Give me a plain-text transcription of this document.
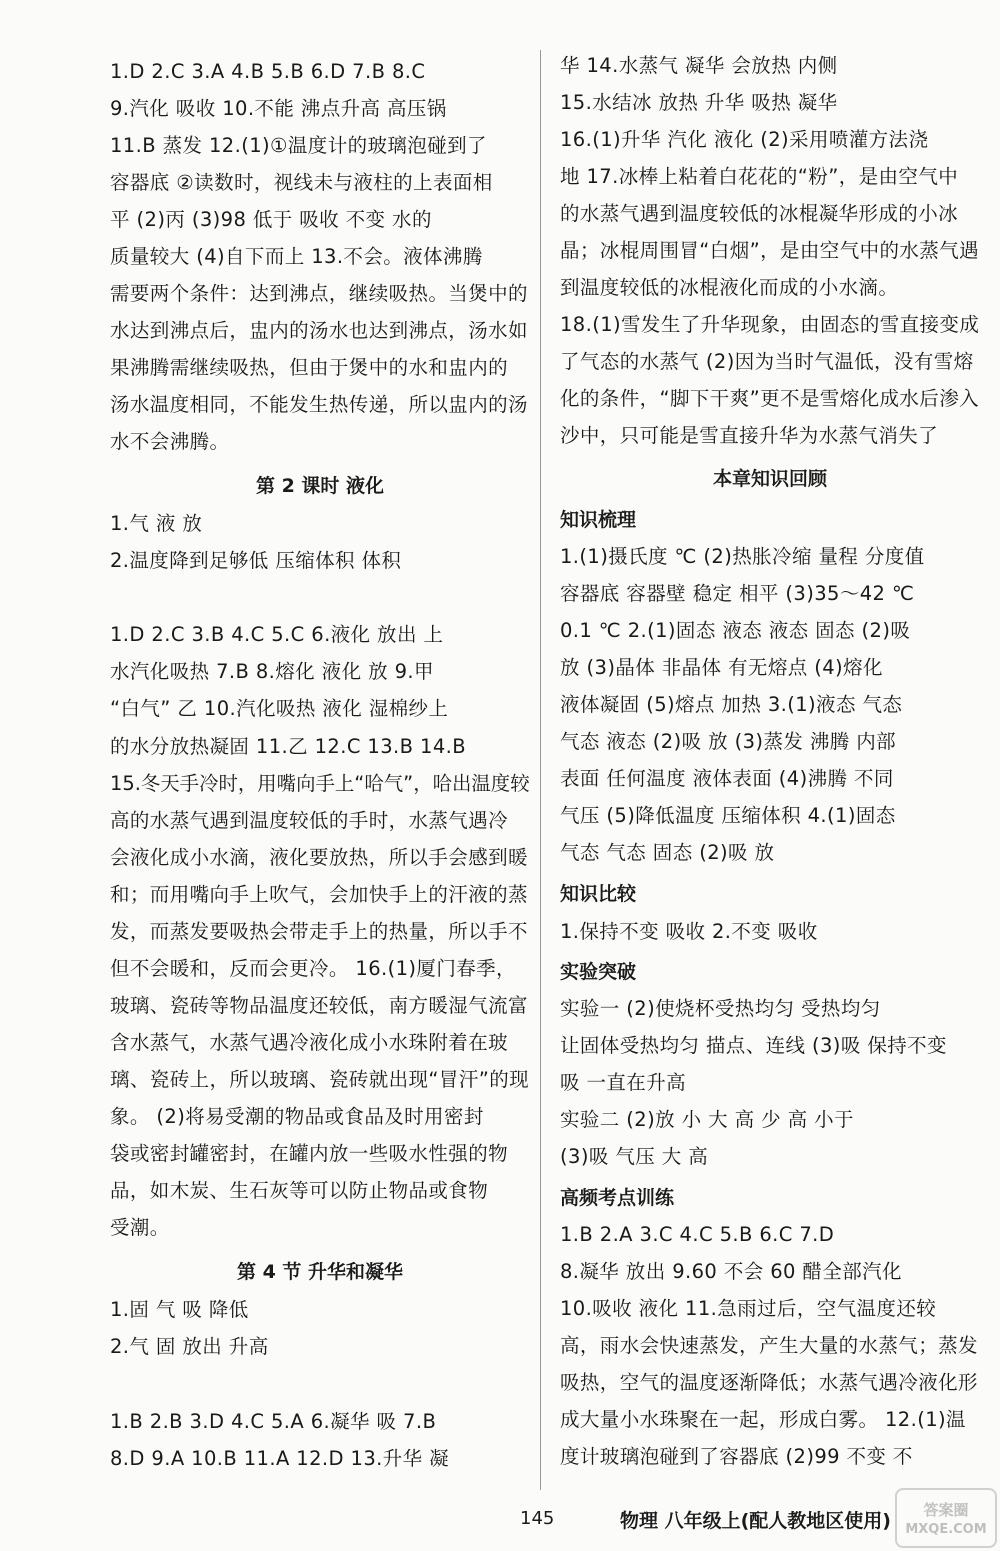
1.D 2.C 3.A 4.B 5.B 6.D 7.B 8.C
9.汽化 吸收 10.不能 沸点升高 高压锅
11.B 蒸发 12.(1)①温度计的玻璃泡碰到了
容器底 ②读数时，视线未与液柱的上表面相
平 (2)丙 (3)98 低于 吸收 不变 水的
质量较大 (4)自下而上 13.不会。液体沸腾
需要两个条件：达到沸点，继续吸热。当煲中的
水达到沸点后，盅内的汤水也达到沸点，汤水如
果沸腾需继续吸热，但由于煲中的水和盅内的
汤水温度相同，不能发生热传递，所以盅内的汤
水不会沸腾。
第 2 课时 液化
1.气 液 放
2.温度降到足够低 压缩体积 体积
1.D 2.C 3.B 4.C 5.C 6.液化 放出 上
水汽化吸热 7.B 8.熔化 液化 放 9.甲
“白气” 乙 10.汽化吸热 液化 湿棉纱上
的水分放热凝固 11.乙 12.C 13.B 14.B
15.冬天手冷时，用嘴向手上“哈气”，哈出温度较
高的水蒸气遇到温度较低的手时，水蒸气遇冷
会液化成小水滴，液化要放热，所以手会感到暖
和；而用嘴向手上吹气，会加快手上的汗液的蒸
发，而蒸发要吸热会带走手上的热量，所以手不
但不会暖和，反而会更冷。 16.(1)厦门春季，
玻璃、瓷砖等物品温度还较低，南方暖湿气流富
含水蒸气，水蒸气遇冷液化成小水珠附着在玻
璃、瓷砖上，所以玻璃、瓷砖就出现“冒汗”的现
象。 (2)将易受潮的物品或食品及时用密封
袋或密封罐密封，在罐内放一些吸水性强的物
品，如木炭、生石灰等可以防止物品或食物
受潮。
第 4 节 升华和凝华
1.固 气 吸 降低
2.气 固 放出 升高
1.B 2.B 3.D 4.C 5.A 6.凝华 吸 7.B
8.D 9.A 10.B 11.A 12.D 13.升华 凝
华 14.水蒸气 凝华 会放热 内侧
15.水结冰 放热 升华 吸热 凝华
16.(1)升华 汽化 液化 (2)采用喷灌方法浇
地 17.冰棒上粘着白花花的“粉”，是由空气中
的水蒸气遇到温度较低的冰棍凝华形成的小冰
晶；冰棍周围冒“白烟”，是由空气中的水蒸气遇
到温度较低的冰棍液化而成的小水滴。
18.(1)雪发生了升华现象，由固态的雪直接变成
了气态的水蒸气 (2)因为当时气温低，没有雪熔
化的条件，“脚下干爽”更不是雪熔化成水后渗入
沙中，只可能是雪直接升华为水蒸气消失了
本章知识回顾
知识梳理
1.(1)摄氏度 ℃ (2)热胀冷缩 量程 分度值
容器底 容器壁 稳定 相平 (3)35～42 ℃
0.1 ℃ 2.(1)固态 液态 液态 固态 (2)吸
放 (3)晶体 非晶体 有无熔点 (4)熔化
液体凝固 (5)熔点 加热 3.(1)液态 气态
气态 液态 (2)吸 放 (3)蒸发 沸腾 内部
表面 任何温度 液体表面 (4)沸腾 不同
气压 (5)降低温度 压缩体积 4.(1)固态
气态 气态 固态 (2)吸 放
知识比较
1.保持不变 吸收 2.不变 吸收
实验突破
实验一 (2)使烧杯受热均匀 受热均匀
让固体受热均匀 描点、连线 (3)吸 保持不变
吸 一直在升高
实验二 (2)放 小 大 高 少 高 小于
(3)吸 气压 大 高
高频考点训练
1.B 2.A 3.C 4.C 5.B 6.C 7.D
8.凝华 放出 9.60 不会 60 醋全部汽化
10.吸收 液化 11.急雨过后，空气温度还较
高，雨水会快速蒸发，产生大量的水蒸气；蒸发
吸热，空气的温度逐渐降低；水蒸气遇冷液化形
成大量小水珠聚在一起，形成白雾。 12.(1)温
度计玻璃泡碰到了容器底 (2)99 不变 不
145	物理 八年级上(配人教地区使用) 答案圈
MXQE.COM
